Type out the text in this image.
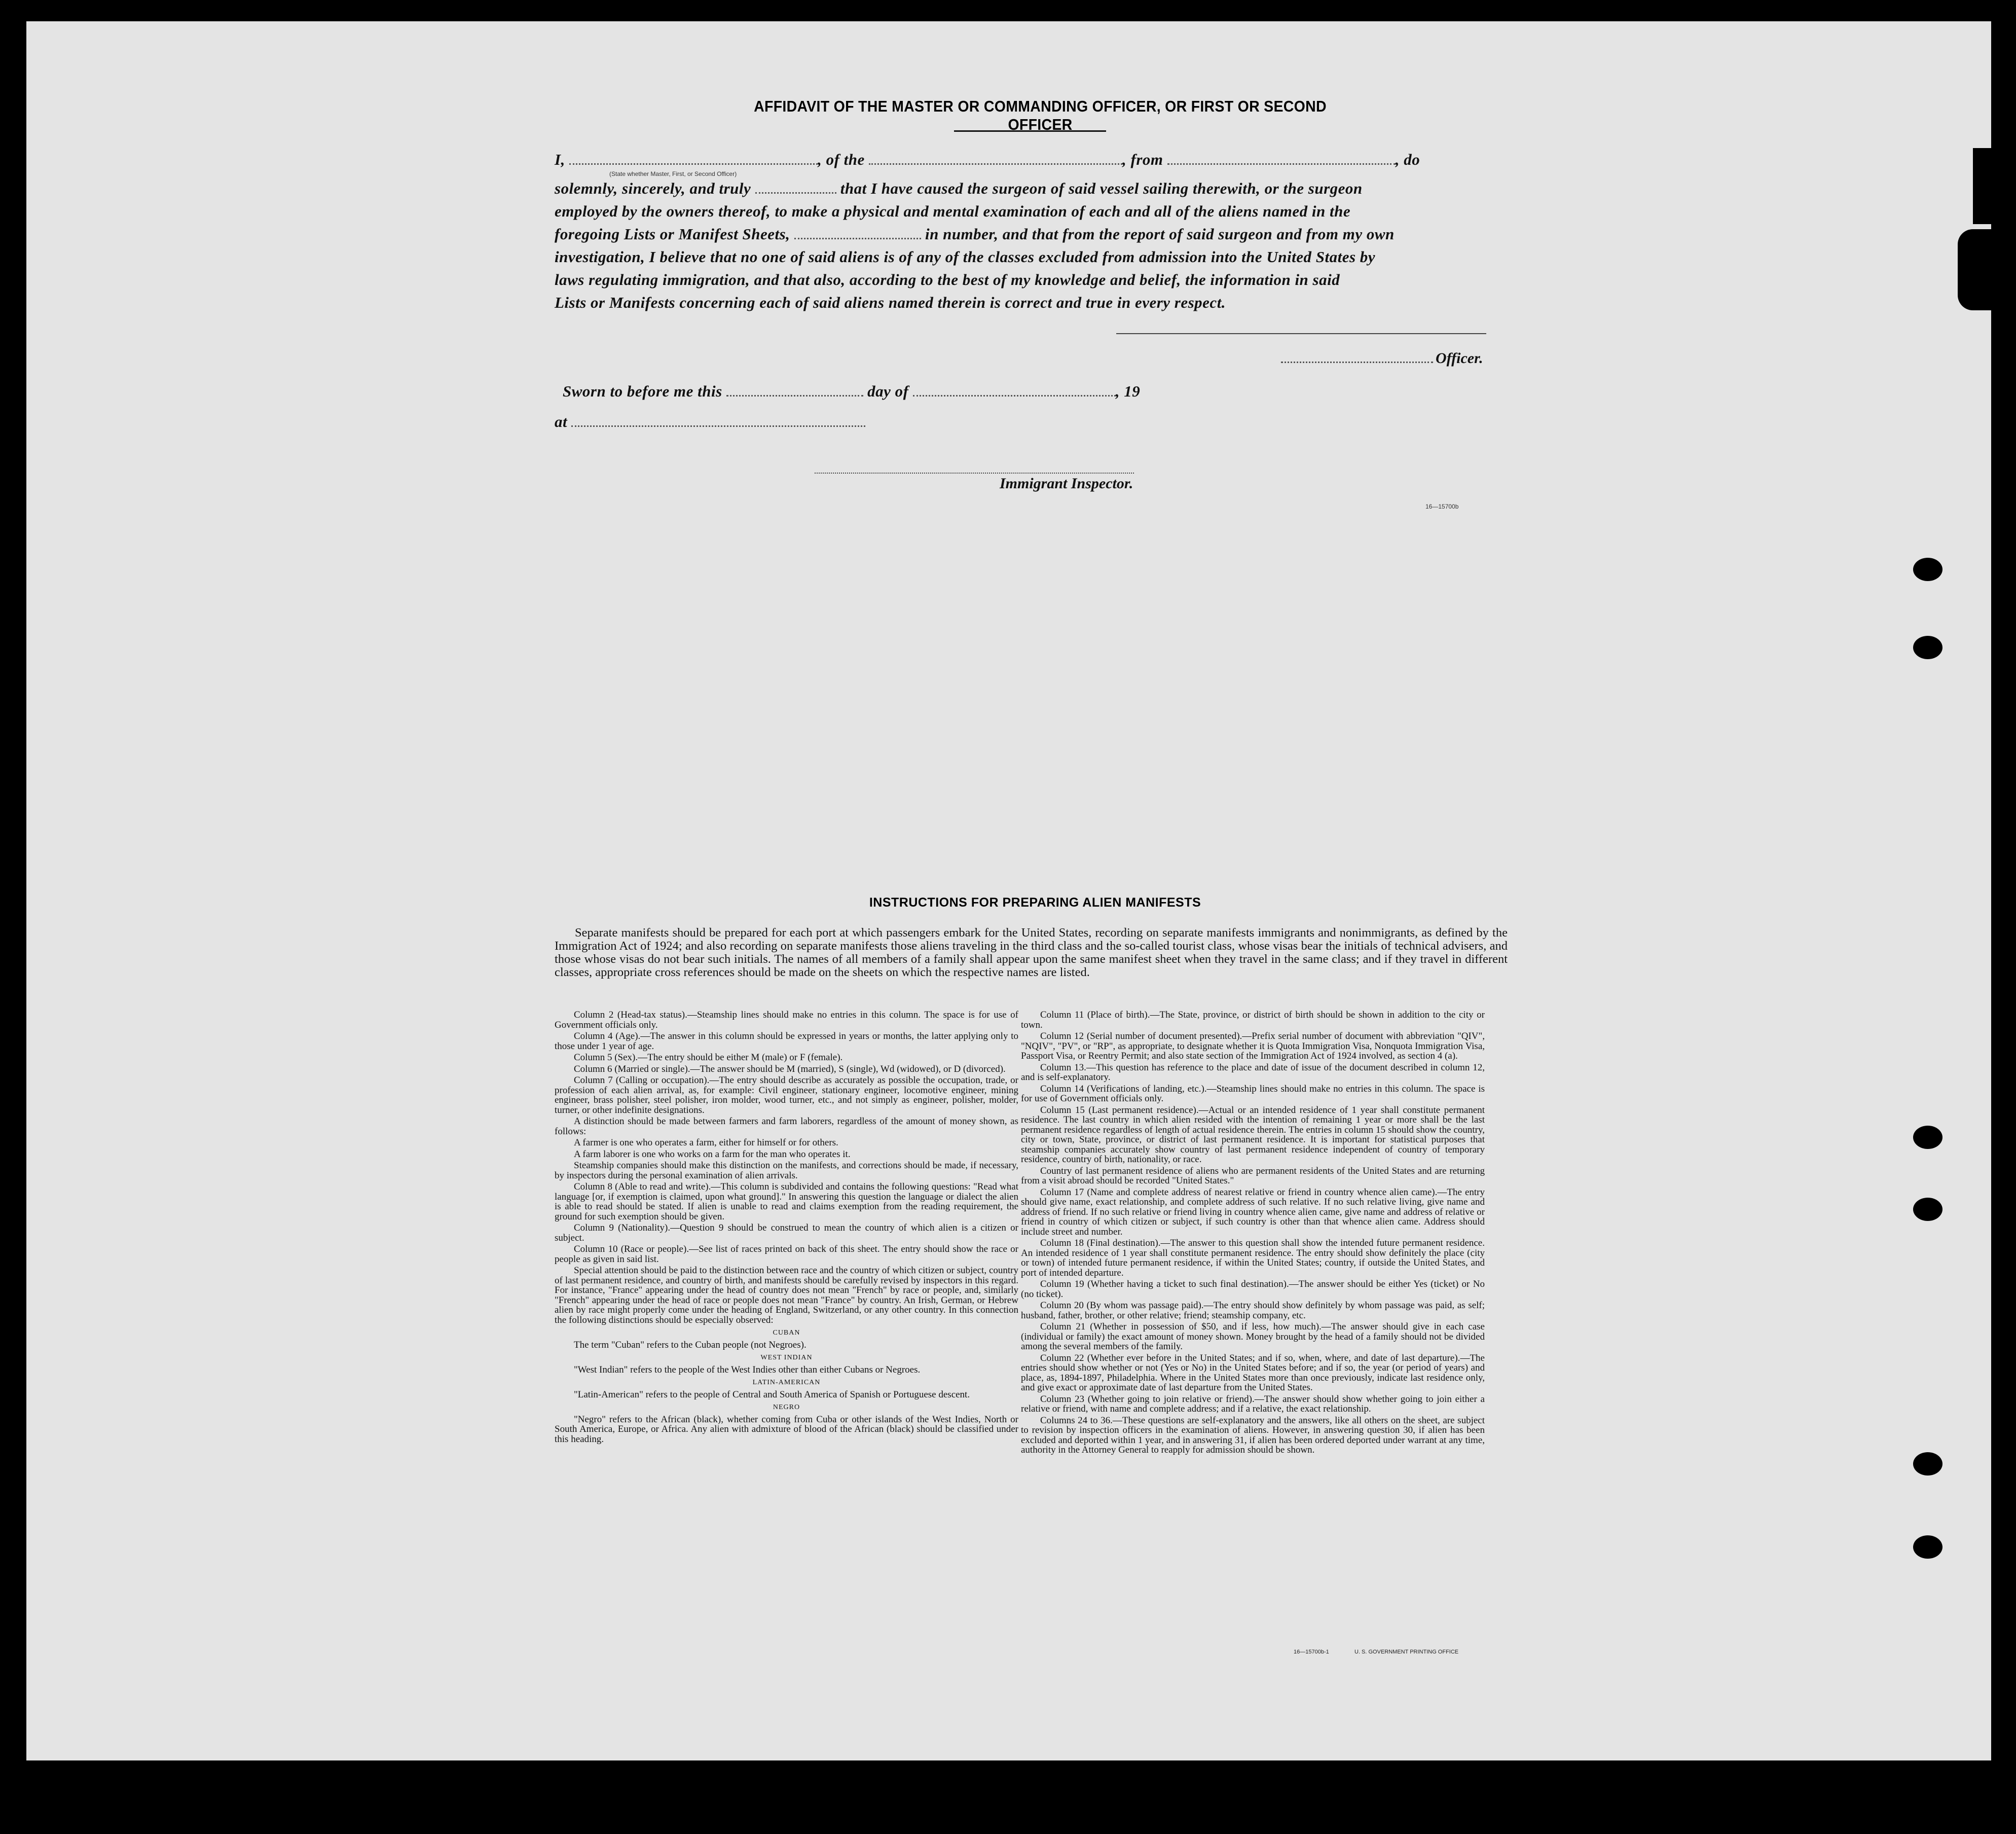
AFFIDAVIT OF THE MASTER OR COMMANDING OFFICER, OR FIRST OR SECOND OFFICER
I,	, of the	, from	, do
(State whether Master, First, or Second Officer)
solemnly, sincerely, and truly	that I have caused the surgeon of said vessel sailing therewith, or the surgeon
employed by the owners thereof, to make a physical and mental examination of each and all of the aliens named in the
foregoing Lists or Manifest Sheets,	in number, and that from the report of said surgeon and from my own
investigation, I believe that no one of said aliens is of any of the classes excluded from admission into the United States by
laws regulating immigration, and that also, according to the best of my knowledge and belief, the information in said
Lists or Manifests concerning each of said aliens named therein is correct and true in every respect.
Officer.
Sworn to before me this	day of	, 19
at
Immigrant Inspector.
16—15700b
INSTRUCTIONS FOR PREPARING ALIEN MANIFESTS
Separate manifests should be prepared for each port at which passengers embark for the United States, recording on separate manifests immigrants and nonimmigrants, as defined by the Immigration Act of 1924; and also recording on separate manifests those aliens traveling in the third class and the so-called tourist class, whose visas bear the initials of technical advisers, and those whose visas do not bear such initials. The names of all members of a family shall appear upon the same manifest sheet when they travel in the same class; and if they travel in different classes, appropriate cross references should be made on the sheets on which the respective names are listed.

Column 2 (Head-tax status).—Steamship lines should make no entries in this column. The space is for use of Government officials only.

Column 4 (Age).—The answer in this column should be expressed in years or months, the latter applying only to those under 1 year of age.

Column 5 (Sex).—The entry should be either M (male) or F (female).

Column 6 (Married or single).—The answer should be M (married), S (single), Wd (widowed), or D (divorced).

Column 7 (Calling or occupation).—The entry should describe as accurately as possible the occupation, trade, or profession of each alien arrival, as, for example: Civil engineer, stationary engineer, locomotive engineer, mining engineer, brass polisher, steel polisher, iron molder, wood turner, etc., and not simply as engineer, polisher, molder, turner, or other indefinite designations.

A distinction should be made between farmers and farm laborers, regardless of the amount of money shown, as follows:

A farmer is one who operates a farm, either for himself or for others.

A farm laborer is one who works on a farm for the man who operates it.

Steamship companies should make this distinction on the manifests, and corrections should be made, if necessary, by inspectors during the personal examination of alien arrivals.

Column 8 (Able to read and write).—This column is subdivided and contains the following questions: "Read what language [or, if exemption is claimed, upon what ground]." In answering this question the language or dialect the alien is able to read should be stated. If alien is unable to read and claims exemption from the reading requirement, the ground for such exemption should be given.

Column 9 (Nationality).—Question 9 should be construed to mean the country of which alien is a citizen or subject.

Column 10 (Race or people).—See list of races printed on back of this sheet. The entry should show the race or people as given in said list.

Special attention should be paid to the distinction between race and the country of which citizen or subject, country of last permanent residence, and country of birth, and manifests should be carefully revised by inspectors in this regard. For instance, "France" appearing under the head of country does not mean "French" by race or people, and, similarly "French" appearing under the head of race or people does not mean "France" by country. An Irish, German, or Hebrew alien by race might properly come under the heading of England, Switzerland, or any other country. In this connection the following distinctions should be especially observed:

CUBAN

The term "Cuban" refers to the Cuban people (not Negroes).

WEST INDIAN

"West Indian" refers to the people of the West Indies other than either Cubans or Negroes.

LATIN-AMERICAN

"Latin-American" refers to the people of Central and South America of Spanish or Portuguese descent.

NEGRO

"Negro" refers to the African (black), whether coming from Cuba or other islands of the West Indies, North or South America, Europe, or Africa. Any alien with admixture of blood of the African (black) should be classified under this heading.

Column 11 (Place of birth).—The State, province, or district of birth should be shown in addition to the city or town.

Column 12 (Serial number of document presented).—Prefix serial number of document with abbreviation "QIV", "NQIV", "PV", or "RP", as appropriate, to designate whether it is Quota Immigration Visa, Nonquota Immigration Visa, Passport Visa, or Reentry Permit; and also state section of the Immigration Act of 1924 involved, as section 4 (a).

Column 13.—This question has reference to the place and date of issue of the document described in column 12, and is self-explanatory.

Column 14 (Verifications of landing, etc.).—Steamship lines should make no entries in this column. The space is for use of Government officials only.

Column 15 (Last permanent residence).—Actual or an intended residence of 1 year shall constitute permanent residence. The last country in which alien resided with the intention of remaining 1 year or more shall be the last permanent residence regardless of length of actual residence therein. The entries in column 15 should show the country, city or town, State, province, or district of last permanent residence. It is important for statistical purposes that steamship companies accurately show country of last permanent residence independent of country of temporary residence, country of birth, nationality, or race.

Country of last permanent residence of aliens who are permanent residents of the United States and are returning from a visit abroad should be recorded "United States."

Column 17 (Name and complete address of nearest relative or friend in country whence alien came).—The entry should give name, exact relationship, and complete address of such relative. If no such relative living, give name and address of friend. If no such relative or friend living in country whence alien came, give name and address of relative or friend in country of which citizen or subject, if such country is other than that whence alien came. Address should include street and number.

Column 18 (Final destination).—The answer to this question shall show the intended future permanent residence. An intended residence of 1 year shall constitute permanent residence. The entry should show definitely the place (city or town) of intended future permanent residence, if within the United States; country, if outside the United States, and port of intended departure.

Column 19 (Whether having a ticket to such final destination).—The answer should be either Yes (ticket) or No (no ticket).

Column 20 (By whom was passage paid).—The entry should show definitely by whom passage was paid, as self; husband, father, brother, or other relative; friend; steamship company, etc.

Column 21 (Whether in possession of $50, and if less, how much).—The answer should give in each case (individual or family) the exact amount of money shown. Money brought by the head of a family should not be divided among the several members of the family.

Column 22 (Whether ever before in the United States; and if so, when, where, and date of last departure).—The entries should show whether or not (Yes or No) in the United States before; and if so, the year (or period of years) and place, as, 1894-1897, Philadelphia. Where in the United States more than once previously, indicate last residence only, and give exact or approximate date of last departure from the United States.

Column 23 (Whether going to join relative or friend).—The answer should show whether going to join either a relative or friend, with name and complete address; and if a relative, the exact relationship.

Columns 24 to 36.—These questions are self-explanatory and the answers, like all others on the sheet, are subject to revision by inspection officers in the examination of aliens. However, in answering question 30, if alien has been excluded and deported within 1 year, and in answering 31, if alien has been ordered deported under warrant at any time, authority in the Attorney General to reapply for admission should be shown.

16—15700b-1	U. S. GOVERNMENT PRINTING OFFICE
